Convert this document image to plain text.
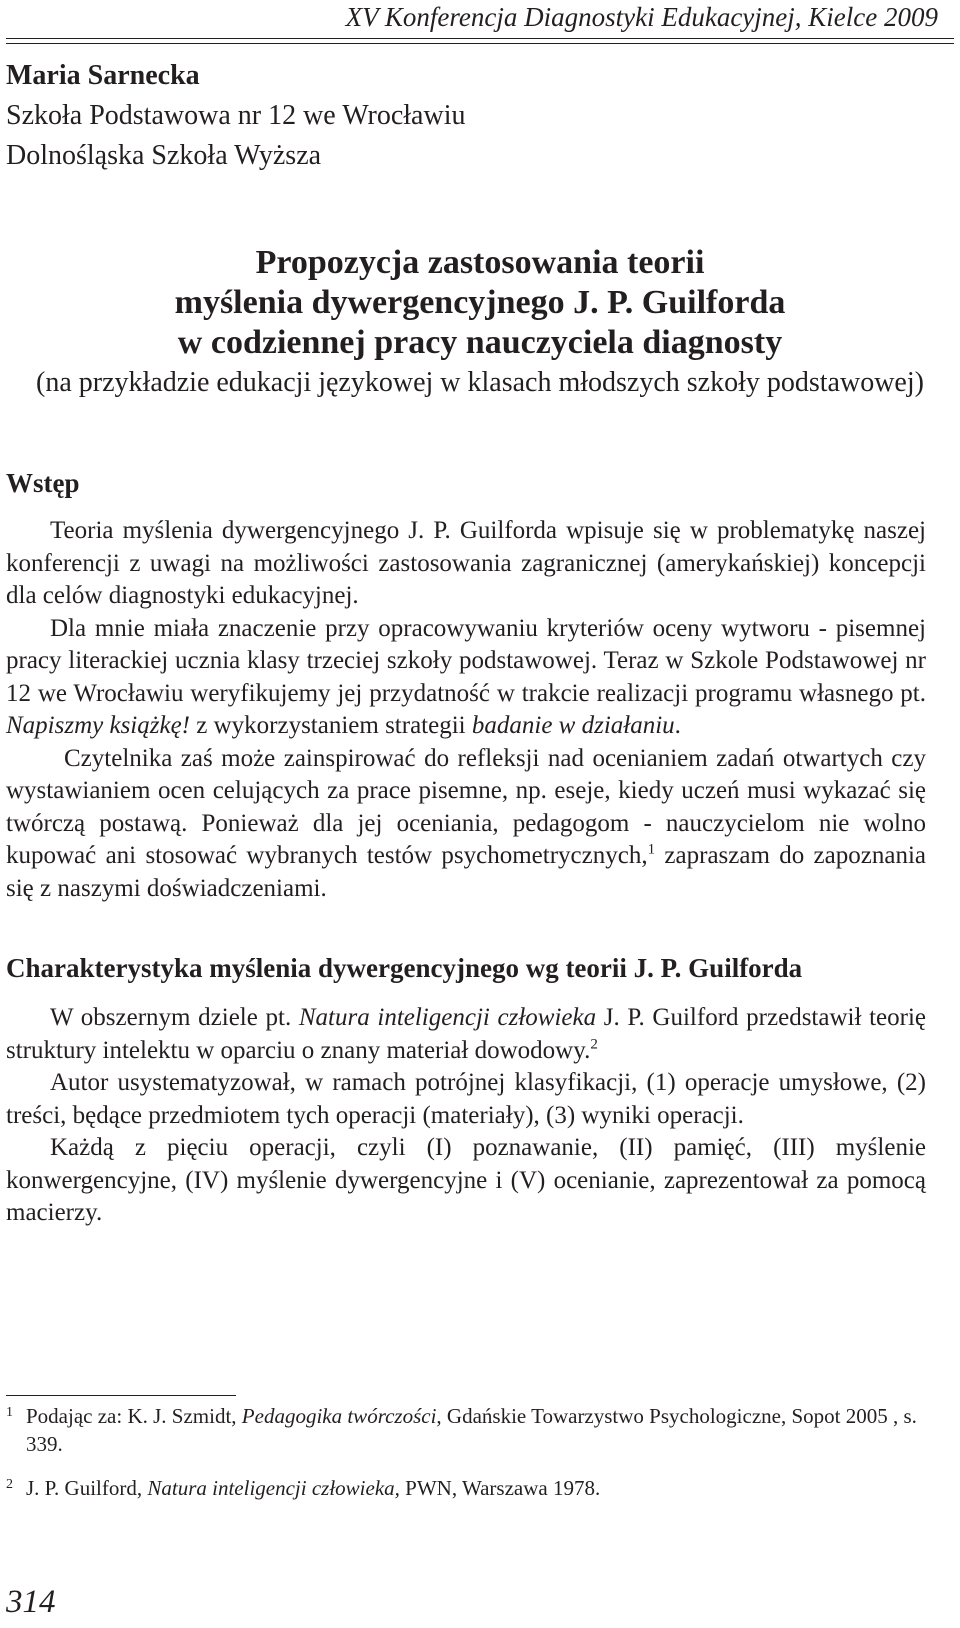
XV Konferencja Diagnostyki Edukacyjnej, Kielce 2009
Maria Sarnecka
Szkoła Podstawowa nr 12 we Wrocławiu
Dolnośląska Szkoła Wyższa
Propozycja zastosowania teorii
myślenia dywergencyjnego J. P. Guilforda
w codziennej pracy nauczyciela diagnosty
(na przykładzie edukacji językowej w klasach młodszych szkoły podstawowej)
Wstęp

Teoria myślenia dywergencyjnego J. P. Guilforda wpisuje się w problematykę naszej konferencji z uwagi na możliwości zastosowania zagranicznej (amerykańskiej) koncepcji dla celów diagnostyki edukacyjnej.

Dla mnie miała znaczenie przy opracowywaniu kryteriów oceny wytworu - pisemnej pracy literackiej ucznia klasy trzeciej szkoły podstawowej. Teraz w Szkole Podstawowej nr 12 we Wrocławiu weryfikujemy jej przydatność w trakcie realizacji programu własnego pt. Napiszmy książkę! z wykorzystaniem strategii badanie w działaniu.

Czytelnika zaś może zainspirować do refleksji nad ocenianiem zadań otwartych czy wystawianiem ocen celujących za prace pisemne, np. eseje, kiedy uczeń musi wykazać się twórczą postawą. Ponieważ dla jej oceniania, pedagogom - nauczycielom nie wolno kupować ani stosować wybranych testów psychometrycznych,$^1$ zapraszam do zapoznania się z naszymi doświadczeniami.

Charakterystyka myślenia dywergencyjnego wg teorii J. P. Guilforda

W obszernym dziele pt. Natura inteligencji człowieka J. P. Guilford przedstawił teorię struktury intelektu w oparciu o znany materiał dowodowy.$^2$

Autor usystematyzował, w ramach potrójnej klasyfikacji, (1) operacje umysłowe, (2) treści, będące przedmiotem tych operacji (materiały), (3) wyniki operacji.

Każdą z pięciu operacji, czyli (I) poznawanie, (II) pamięć, (III) myślenie konwergencyjne, (IV) myślenie dywergencyjne i (V) ocenianie, zaprezentował za pomocą macierzy.

1 Podając za: K. J. Szmidt, Pedagogika twórczości, Gdańskie Towarzystwo Psychologiczne, Sopot 2005 , s. 339.
2 J. P. Guilford, Natura inteligencji człowieka, PWN, Warszawa 1978.
314
